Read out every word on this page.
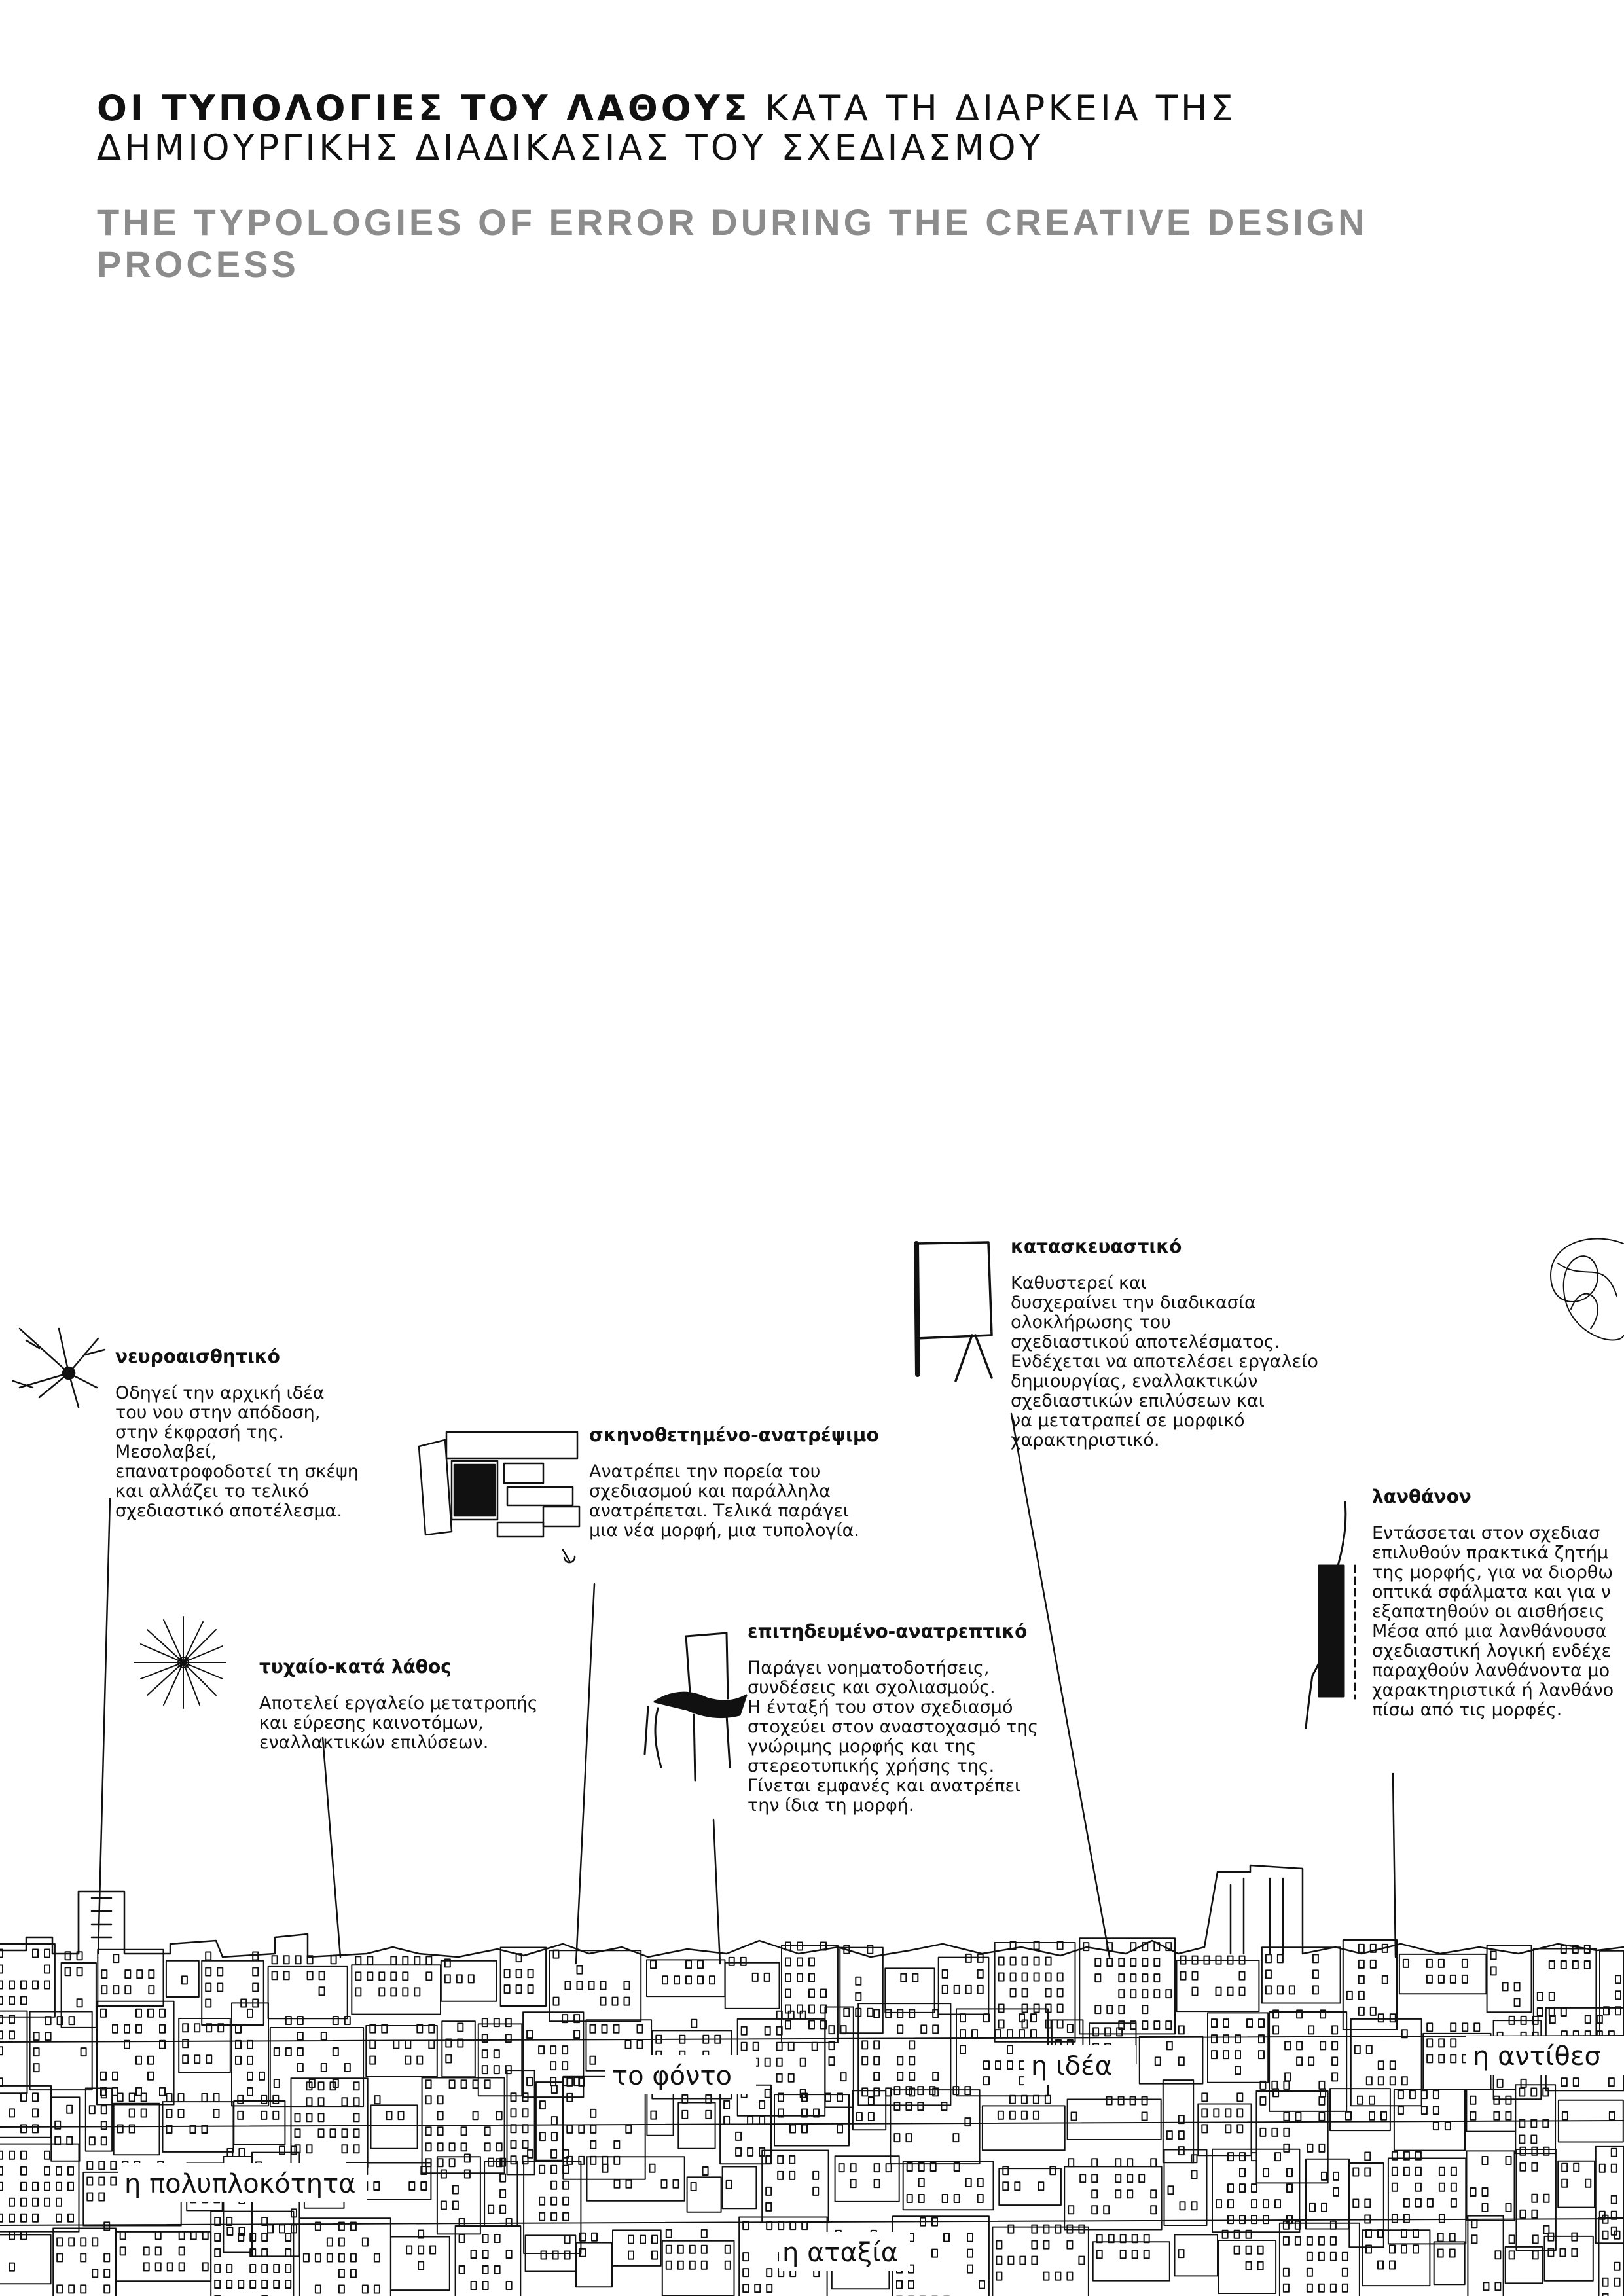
ΟΙ ΤΥΠΟΛΟΓΙΕΣ ΤΟΥ ΛΑΘΟΥΣ ΚΑΤΑ ΤΗ ΔΙΑΡΚΕΙΑ ΤΗΣ
ΔΗΜΙΟΥΡΓΙΚΗΣ ΔΙΑΔΙΚΑΣΙΑΣ ΤΟΥ ΣΧΕΔΙΑΣΜΟΥ
THE TYPOLOGIES OF ERROR DURING THE CREATIVE DESIGN PROCESS
η πολυπλοκότητα
το φόντο	η ιδέα	η αντίθεσ
η αταξία
νευροαισθητικό
Οδηγεί την αρχική ιδέα
του νου στην απόδοση,
στην έκφρασή της.
Μεσολαβεί,
επανατροφοδοτεί τη σκέψη
και αλλάζει το τελικό
σχεδιαστικό αποτέλεσμα.
τυχαίο-κατά λάθος
Αποτελεί εργαλείο μετατροπής
και εύρεσης καινοτόμων,
εναλλακτικών επιλύσεων.
σκηνοθετημένο-ανατρέψιμο
Ανατρέπει την πορεία του
σχεδιασμού και παράλληλα
ανατρέπεται. Τελικά παράγει
μια νέα μορφή, μια τυπολογία.
επιτηδευμένο-ανατρεπτικό
Παράγει νοηματοδοτήσεις,
συνδέσεις και σχολιασμούς.
Η ένταξή του στον σχεδιασμό
στοχεύει στον αναστοχασμό της
γνώριμης μορφής και της
στερεοτυπικής χρήσης της.
Γίνεται εμφανές και ανατρέπει
την ίδια τη μορφή.
κατασκευαστικό
Καθυστερεί και
δυσχεραίνει την διαδικασία
ολοκλήρωσης του
σχεδιαστικού αποτελέσματος.
Ενδέχεται να αποτελέσει εργαλείο
δημιουργίας, εναλλακτικών
σχεδιαστικών επιλύσεων και
να μετατραπεί σε μορφικό
χαρακτηριστικό.
λανθάνον
Εντάσσεται στον σχεδιασ
επιλυθούν πρακτικά ζητήμ
της μορφής, για να διορθω
οπτικά σφάλματα και για ν
εξαπατηθούν οι αισθήσεις
Μέσα από μια λανθάνουσα
σχεδιαστική λογική ενδέχε
παραχθούν λανθάνοντα μο
χαρακτηριστικά ή λανθάνο
πίσω από τις μορφές.
